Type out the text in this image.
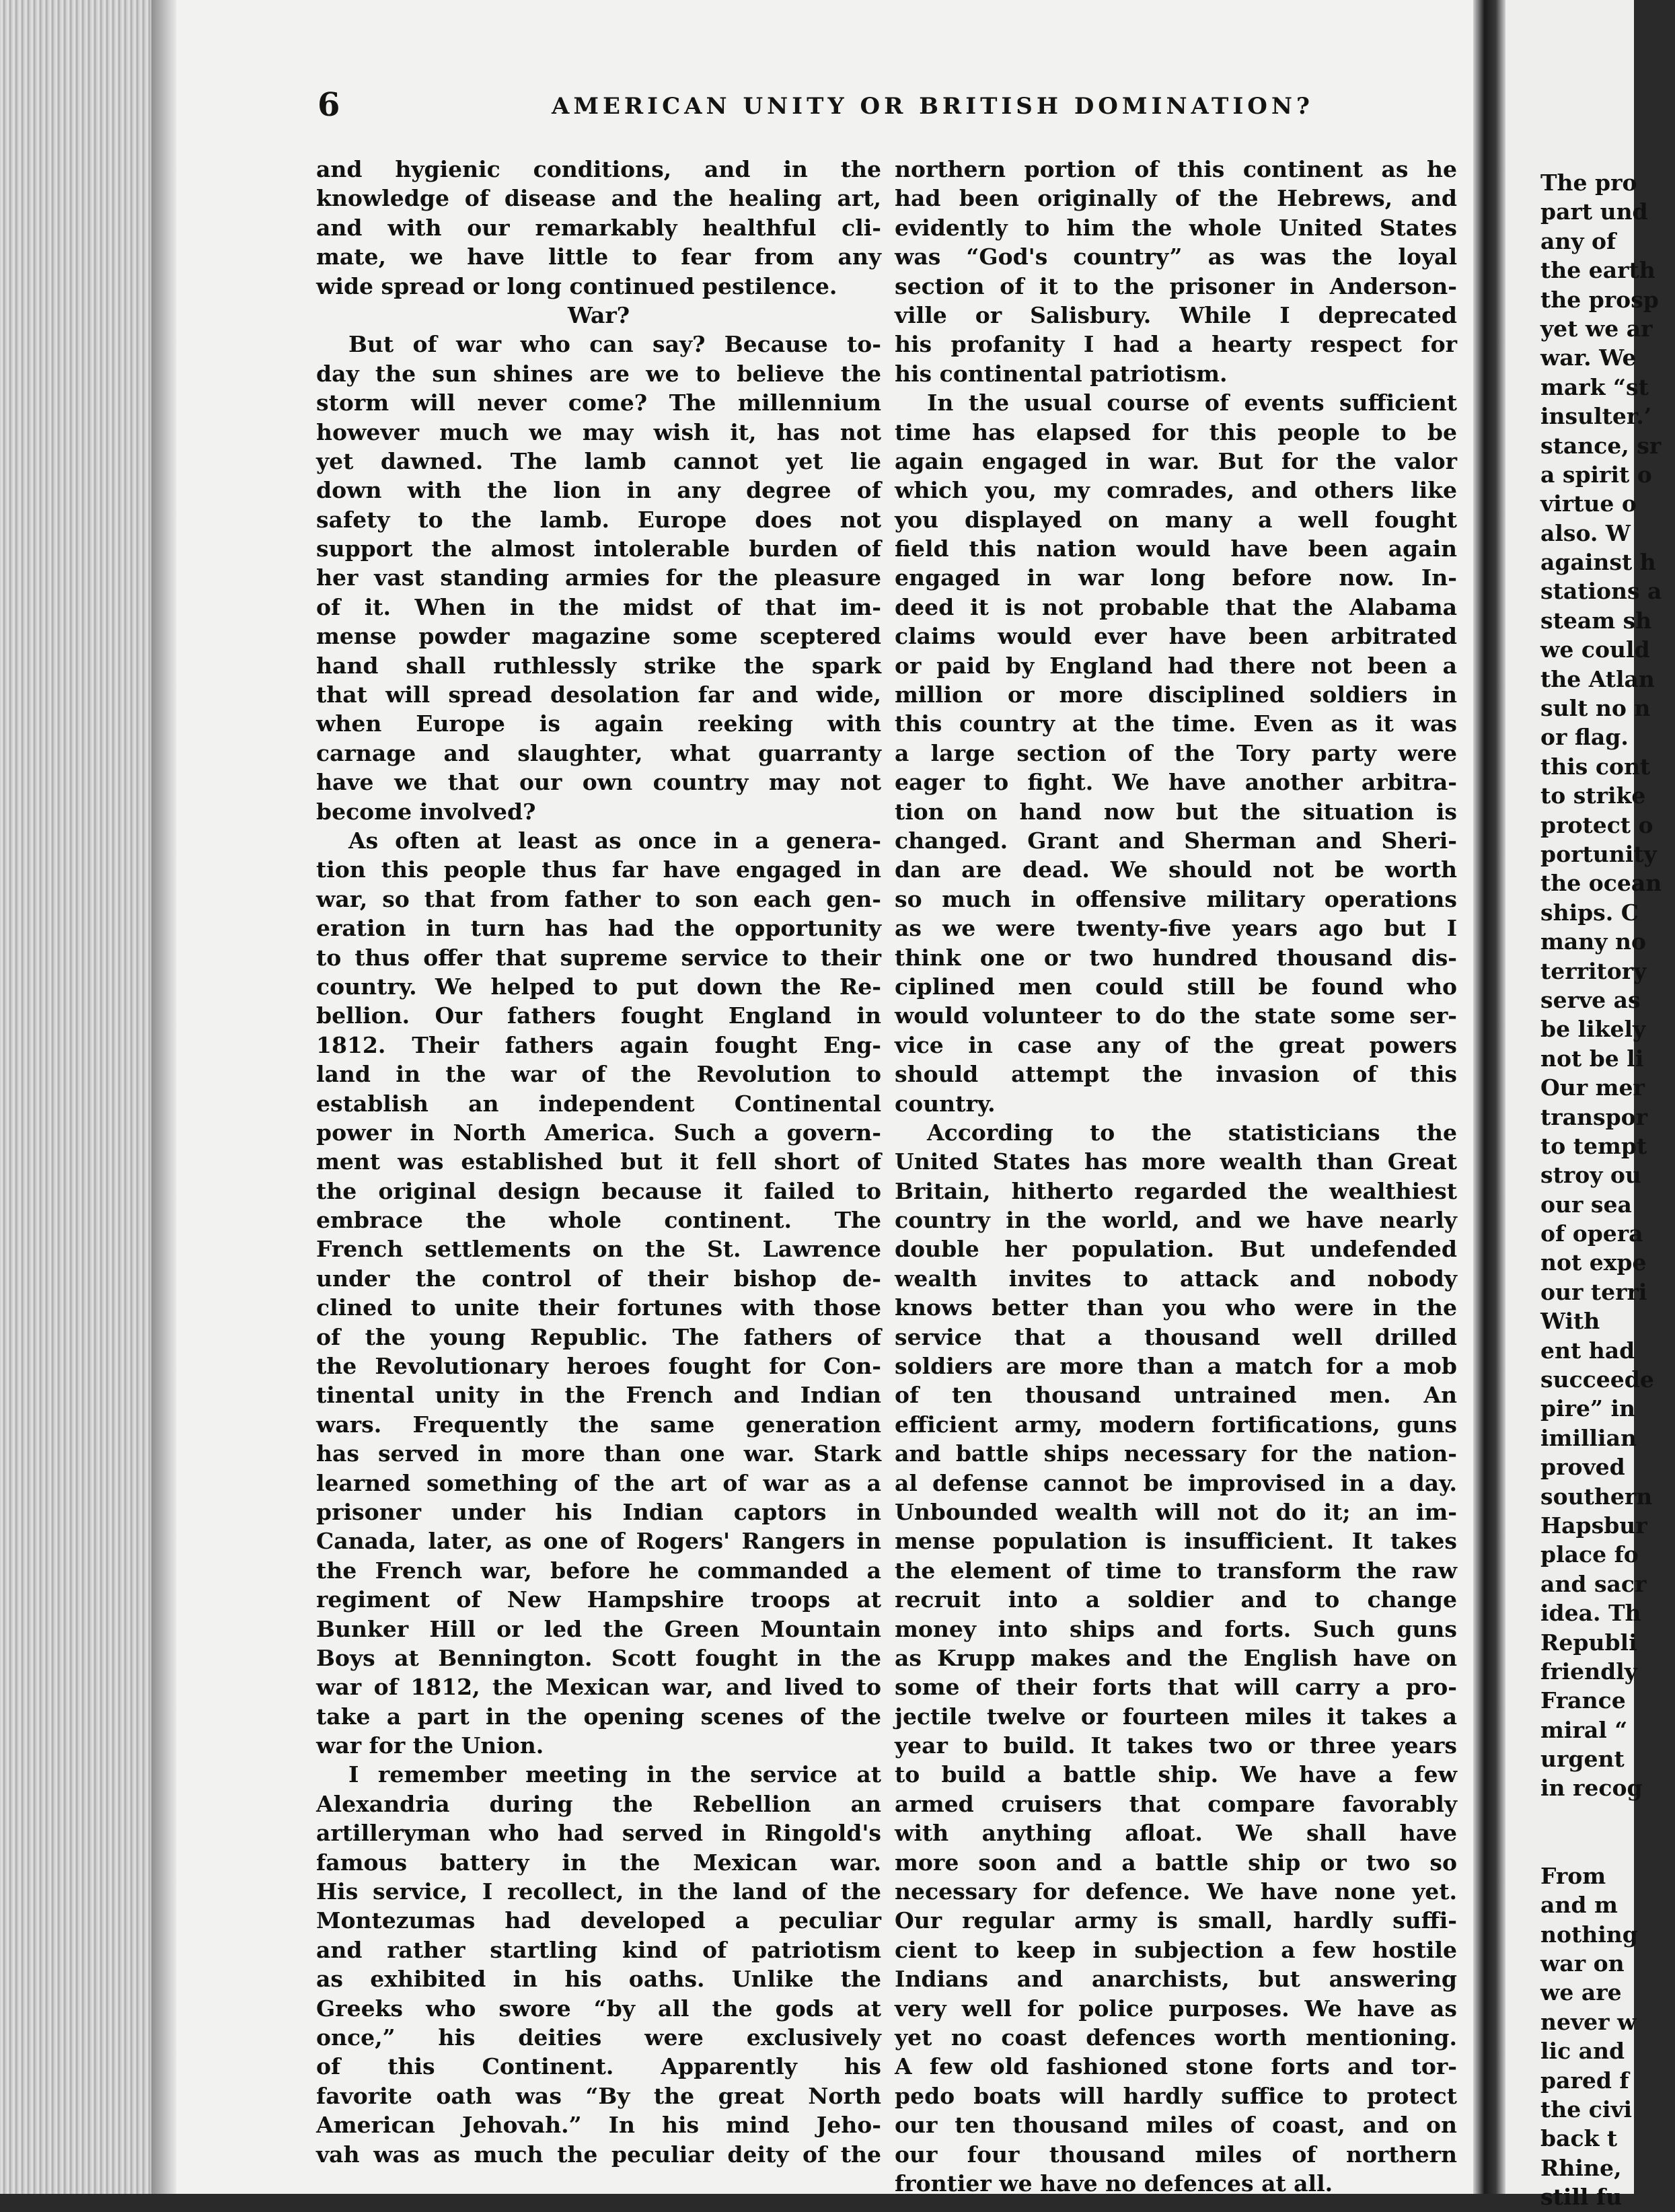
6	AMERICAN UNITY OR BRITISH DOMINATION?
and hygienic conditions, and in the
knowledge of disease and the healing art,
and with our remarkably healthful cli-
mate, we have little to fear from any
wide spread or long continued pestilence.
War?
But of war who can say? Because to-
day the sun shines are we to believe the
storm will never come? The millennium
however much we may wish it, has not
yet dawned. The lamb cannot yet lie
down with the lion in any degree of
safety to the lamb. Europe does not
support the almost intolerable burden of
her vast standing armies for the pleasure
of it. When in the midst of that im-
mense powder magazine some sceptered
hand shall ruthlessly strike the spark
that will spread desolation far and wide,
when Europe is again reeking with
carnage and slaughter, what guarranty
have we that our own country may not
become involved?
As often at least as once in a genera-
tion this people thus far have engaged in
war, so that from father to son each gen-
eration in turn has had the opportunity
to thus offer that supreme service to their
country. We helped to put down the Re-
bellion. Our fathers fought England in
1812. Their fathers again fought Eng-
land in the war of the Revolution to
establish an independent Continental
power in North America. Such a govern-
ment was established but it fell short of
the original design because it failed to
embrace the whole continent. The
French settlements on the St. Lawrence
under the control of their bishop de-
clined to unite their fortunes with those
of the young Republic. The fathers of
the Revolutionary heroes fought for Con-
tinental unity in the French and Indian
wars. Frequently the same generation
has served in more than one war. Stark
learned something of the art of war as a
prisoner under his Indian captors in
Canada, later, as one of Rogers' Rangers in
the French war, before he commanded a
regiment of New Hampshire troops at
Bunker Hill or led the Green Mountain
Boys at Bennington. Scott fought in the
war of 1812, the Mexican war, and lived to
take a part in the opening scenes of the
war for the Union.
I remember meeting in the service at
Alexandria during the Rebellion an
artilleryman who had served in Ringold's
famous battery in the Mexican war.
His service, I recollect, in the land of the
Montezumas had developed a peculiar
and rather startling kind of patriotism
as exhibited in his oaths. Unlike the
Greeks who swore “by all the gods at
once,” his deities were exclusively
of this Continent. Apparently his
favorite oath was “By the great North
American Jehovah.” In his mind Jeho-
vah was as much the peculiar deity of the
northern portion of this continent as he
had been originally of the Hebrews, and
evidently to him the whole United States
was “God's country” as was the loyal
section of it to the prisoner in Anderson-
ville or Salisbury. While I deprecated
his profanity I had a hearty respect for
his continental patriotism.
In the usual course of events sufficient
time has elapsed for this people to be
again engaged in war. But for the valor
which you, my comrades, and others like
you displayed on many a well fought
field this nation would have been again
engaged in war long before now. In-
deed it is not probable that the Alabama
claims would ever have been arbitrated
or paid by England had there not been a
million or more disciplined soldiers in
this country at the time. Even as it was
a large section of the Tory party were
eager to fight. We have another arbitra-
tion on hand now but the situation is
changed. Grant and Sherman and Sheri-
dan are dead. We should not be worth
so much in offensive military operations
as we were twenty-five years ago but I
think one or two hundred thousand dis-
ciplined men could still be found who
would volunteer to do the state some ser-
vice in case any of the great powers
should attempt the invasion of this
country.
According to the statisticians the
United States has more wealth than Great
Britain, hitherto regarded the wealthiest
country in the world, and we have nearly
double her population. But undefended
wealth invites to attack and nobody
knows better than you who were in the
service that a thousand well drilled
soldiers are more than a match for a mob
of ten thousand untrained men. An
efficient army, modern fortifications, guns
and battle ships necessary for the nation-
al defense cannot be improvised in a day.
Unbounded wealth will not do it; an im-
mense population is insufficient. It takes
the element of time to transform the raw
recruit into a soldier and to change
money into ships and forts. Such guns
as Krupp makes and the English have on
some of their forts that will carry a pro-
jectile twelve or fourteen miles it takes a
year to build. It takes two or three years
to build a battle ship. We have a few
armed cruisers that compare favorably
with anything afloat. We shall have
more soon and a battle ship or two so
necessary for defence. We have none yet.
Our regular army is small, hardly suffi-
cient to keep in subjection a few hostile
Indians and anarchists, but answering
very well for police purposes. We have as
yet no coast defences worth mentioning.
A few old fashioned stone forts and tor-
pedo boats will hardly suffice to protect
our ten thousand miles of coast, and on
our four thousand miles of northern
frontier we have no defences at all.
The pro
part und
any of
the earth
the prosp
yet we ar
war. We
mark “st
insulter.’
stance, sr
a spirit o
virtue o
also. W
against h
stations a
steam sh
we could
the Atlan
sult no n
or flag.
this cont
to strike
protect o
portunity
the ocean
ships. C
many no
territory
serve as
be likely
not be li
Our mer
transpor
to tempt
stroy ou
our sea
of opera
not expe
our terri
With
ent had
succeede
pire” in
imillian
proved
southern
Hapsbur
place fo
and sacr
idea. Th
Republi
friendly
France
miral “
urgent
in recog
From
and m
nothing
war on
we are
never w
lic and
pared f
the civi
back t
Rhine,
still fu
